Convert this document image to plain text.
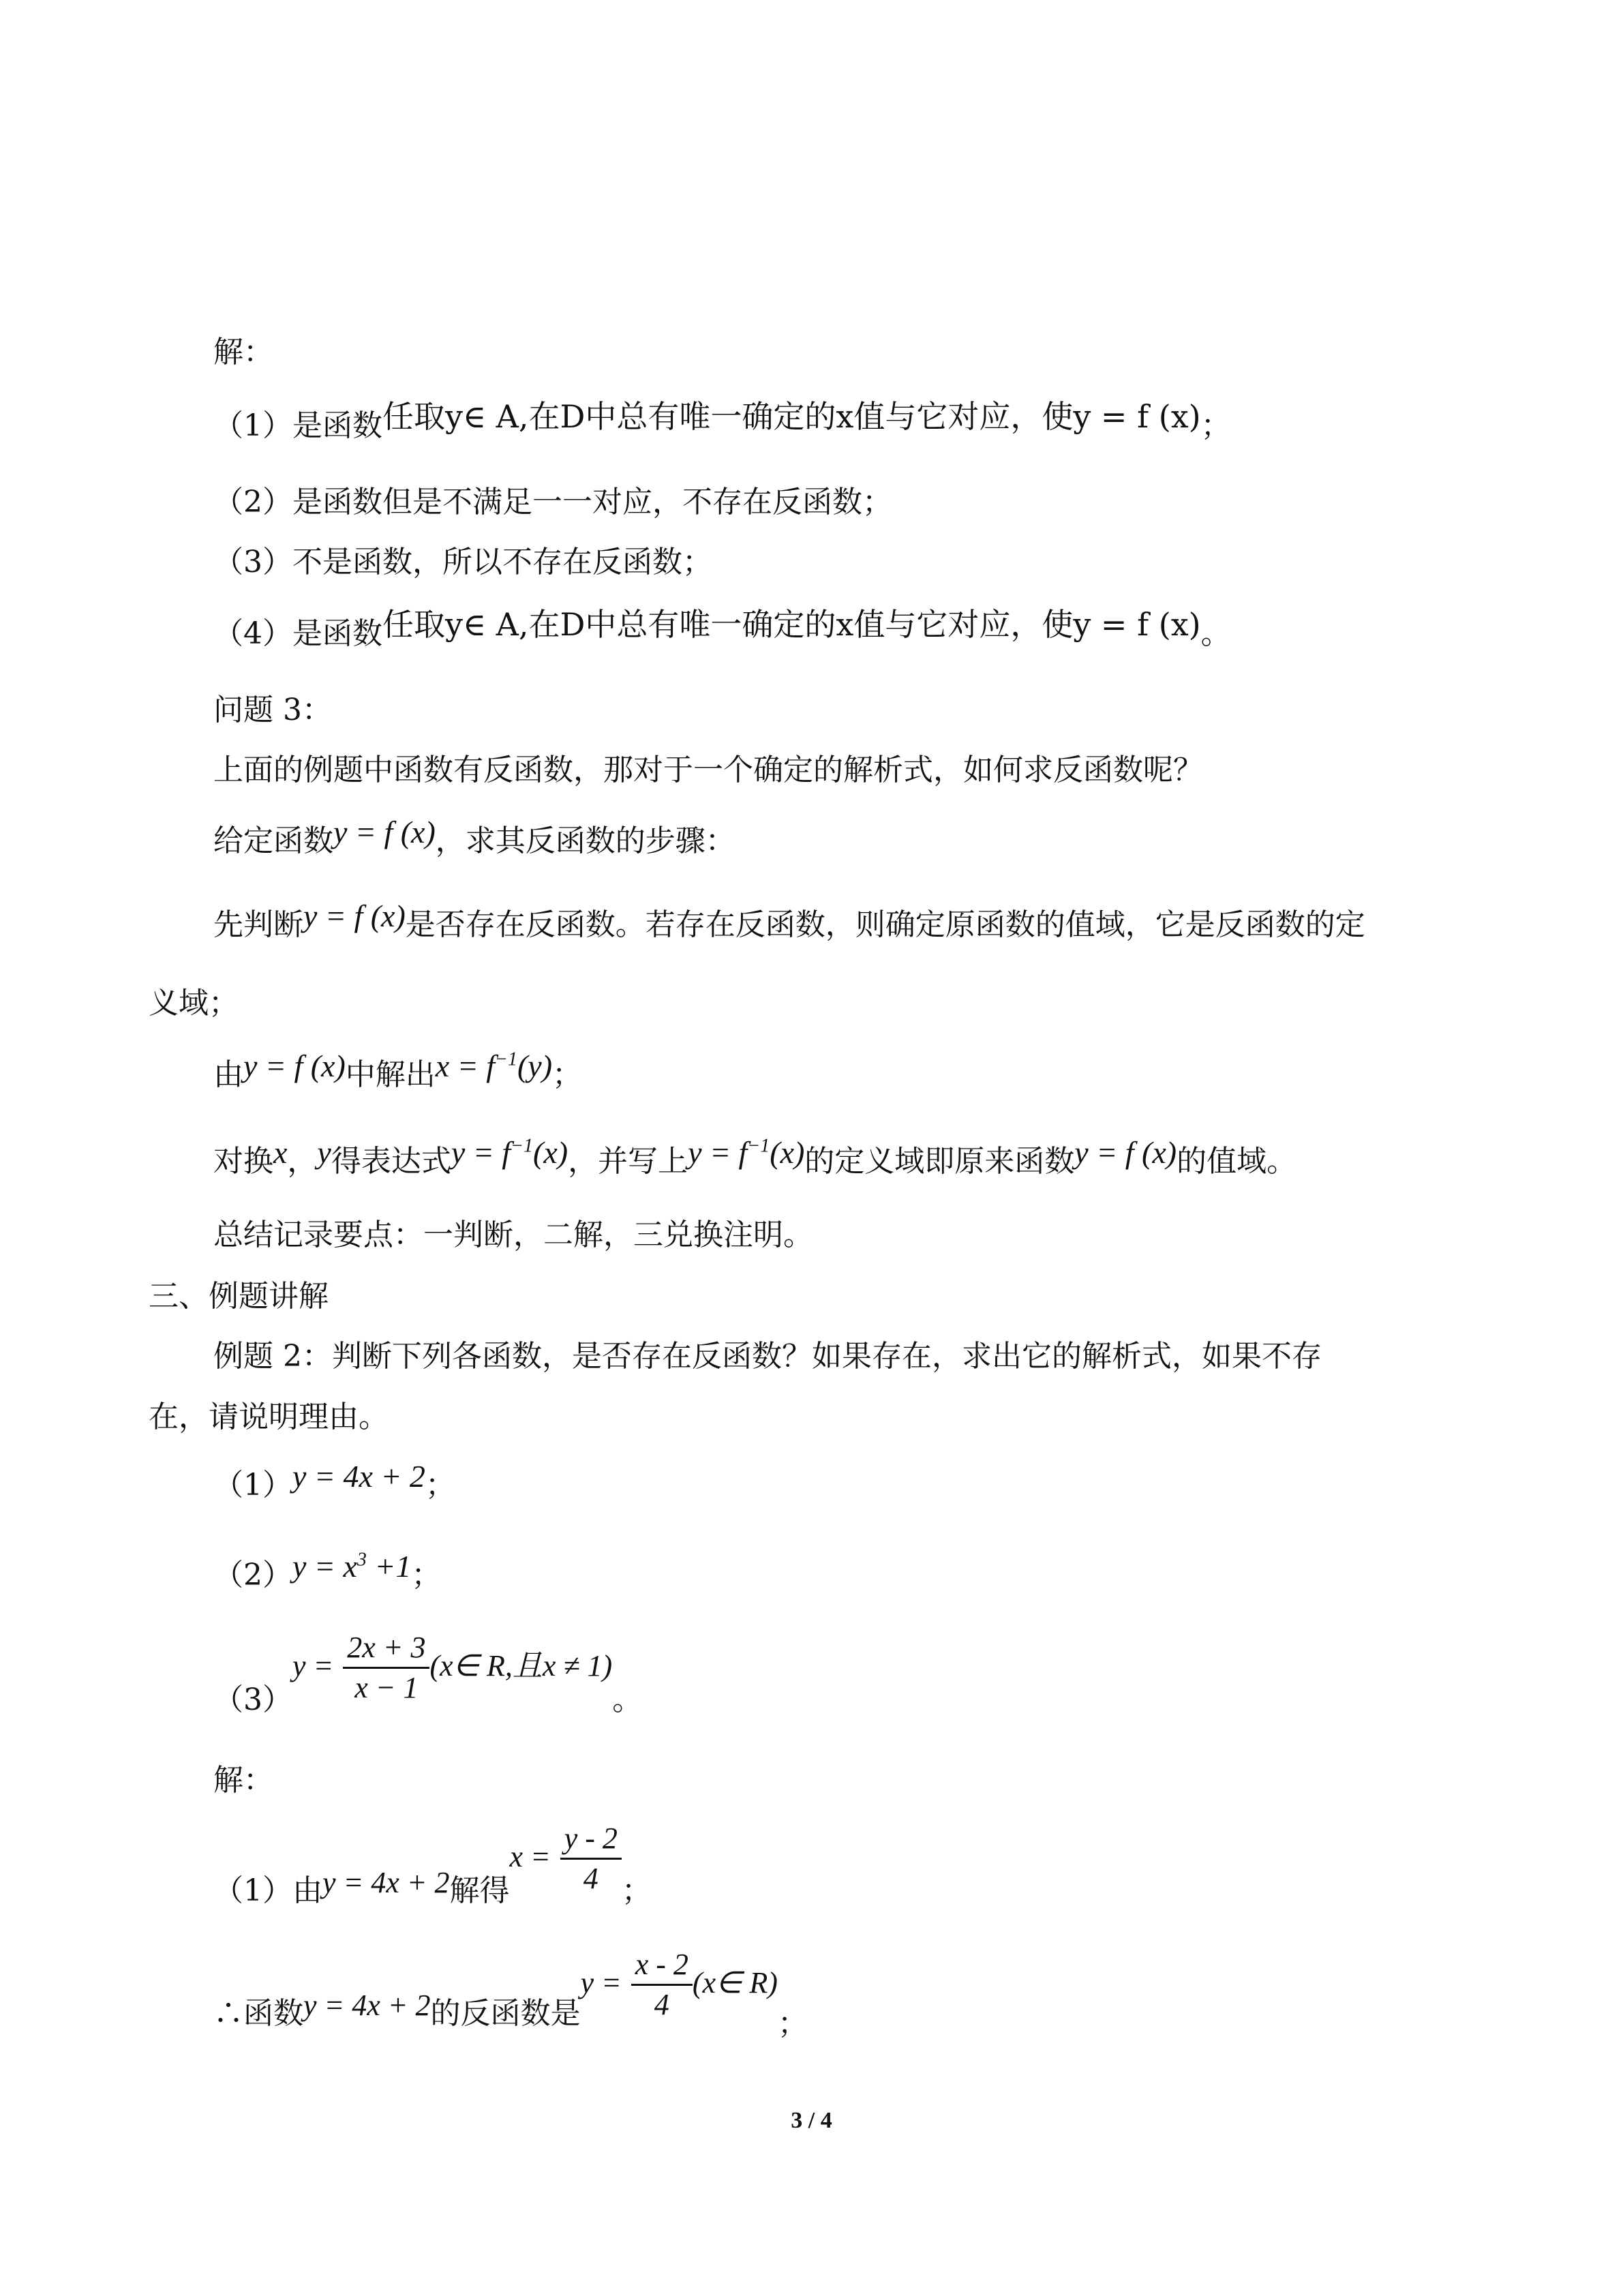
解：
（1）是函数任取y∈ A,在D中总有唯一确定的x值与它对应，使y = f (x)；
（2）是函数但是不满足一一对应，不存在反函数；
（3）不是函数，所以不存在反函数；
（4）是函数任取y∈ A,在D中总有唯一确定的x值与它对应，使y = f (x)。
问题 3：
上面的例题中函数有反函数，那对于一个确定的解析式，如何求反函数呢？
给定函数y = f (x)，求其反函数的步骤：
先判断y = f (x)是否存在反函数。若存在反函数，则确定原函数的值域，它是反函数的定
义域；
由y = f (x)中解出$x = f^{-1}(y)$；
对换x，y得表达式$y = f^{-1}(x)$，并写上$y = f^{-1}(x)$的定义域即原来函数y = f (x)的值域。
总结记录要点：一判断，二解，三兑换注明。
三、例题讲解
例题 2：判断下列各函数，是否存在反函数？如果存在，求出它的解析式，如果不存
在，请说明理由。
（1）y = 4x + 2；
$(2)y = x^3 +1$；
$(3)y = \frac{2x + 3}{x - 1}$ (x∈ R,且x ≠ 1)。
解：
（1）由y = 4x + 2解得$x = \frac{y - 2}{4}$ ；
∴函数y = 4x + 2的反函数是$y = \frac{x - 2}{4}$ (x∈ R)；
3 / 4
